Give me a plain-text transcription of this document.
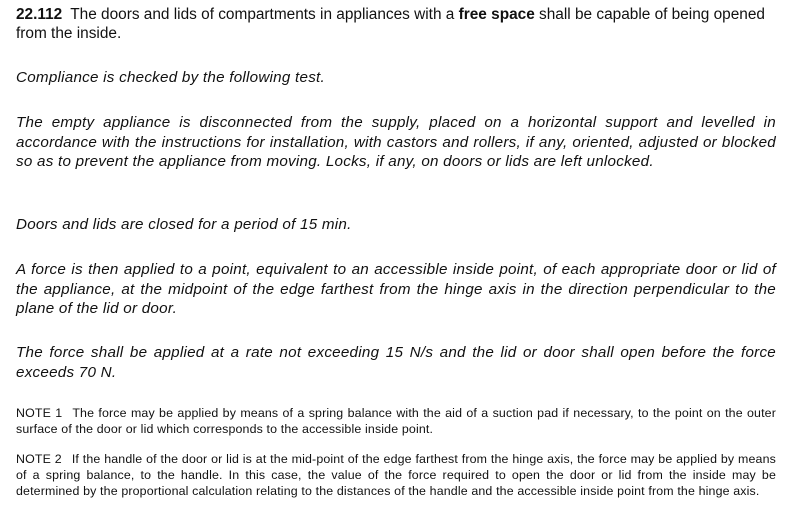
22.112 The doors and lids of compartments in appliances with a free space shall be capable of being opened from the inside.
Compliance is checked by the following test.
The empty appliance is disconnected from the supply, placed on a horizontal support and levelled in accordance with the instructions for installation, with castors and rollers, if any, oriented, adjusted or blocked so as to prevent the appliance from moving. Locks, if any, on doors or lids are left unlocked.
Doors and lids are closed for a period of 15 min.
A force is then applied to a point, equivalent to an accessible inside point, of each appropriate door or lid of the appliance, at the midpoint of the edge farthest from the hinge axis in the direction perpendicular to the plane of the lid or door.
The force shall be applied at a rate not exceeding 15 N/s and the lid or door shall open before the force exceeds 70 N.
NOTE 1 The force may be applied by means of a spring balance with the aid of a suction pad if necessary, to the point on the outer surface of the door or lid which corresponds to the accessible inside point.
NOTE 2 If the handle of the door or lid is at the mid-point of the edge farthest from the hinge axis, the force may be applied by means of a spring balance, to the handle. In this case, the value of the force required to open the door or lid from the inside may be determined by the proportional calculation relating to the distances of the handle and the accessible inside point from the hinge axis.
